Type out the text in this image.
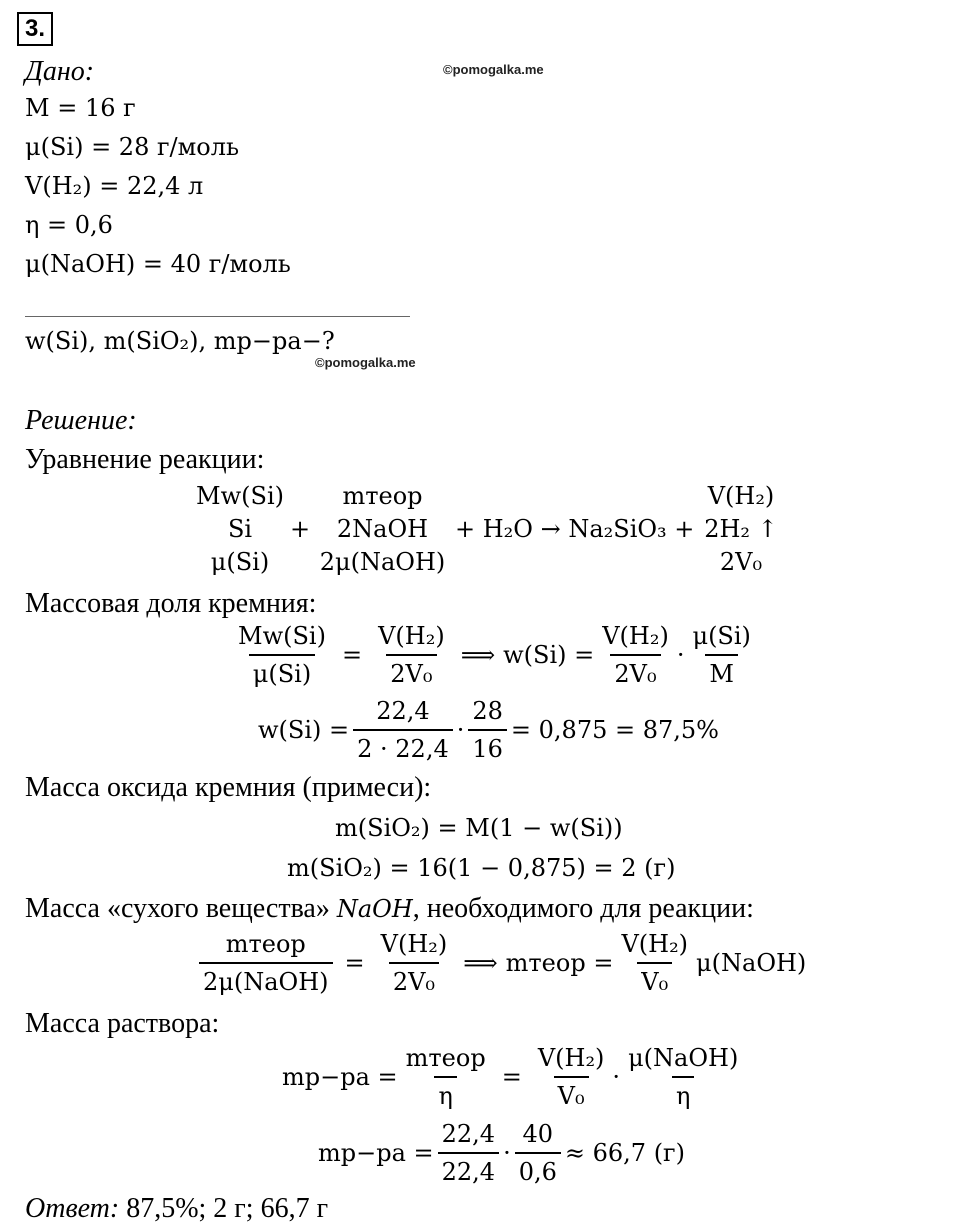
3.
Дано:	©pomogalka.me
M = 16 г
μ(Si) = 28 г/моль
V(H₂) = 22,4 л
η = 0,6
μ(NaOH) = 40 г/моль
w(Si), m(SiO₂), mр−ра−?
©pomogalka.me
Решение:
Уравнение реакции:
Mw(Si)
Si
μ(Si)
+
mтеор
2NaOH
2μ(NaOH)
+ H₂O → Na₂SiO₃ +
V(H₂)
2H₂ ↑
2V₀
Массовая доля кремния:
$\frac{Mw(Si)}{\mu(Si)} = \frac{\text{V(H₂)}}{\text{2V₀}}$ ⟹ $w(Si) = \frac{\text{V(H₂)}}{\text{2V₀}} \cdot \frac{\mu(Si)}{M}$
$w(Si) = \frac{22,4}{2 \cdot 22,4} \cdot \frac{28}{16} = 0,875 = 87,5\%$
Масса оксида кремния (примеси):
m(SiO₂) = M(1 − w(Si))
m(SiO₂) = 16(1 − 0,875) = 2 (г)
Масса «сухого вещества» NaOH, необходимого для реакции:
$\frac{\text{mтеор}}{\text{2μ(NaOH)}} = \frac{\text{V(H₂)}}{\text{2V₀}}$ ⟹ mтеор = $\frac{\text{V(H₂)}}{\text{V₀}}$ μ(NaOH)
Масса раствора:
$mр-ра = \frac{\text{mтеор}}{\eta} = \frac{\text{V(H₂)}}{\text{V₀}} \cdot \frac{\text{μ(NaOH)}}{\eta}$
$mр-ра = \frac{22,4}{22,4} \cdot \frac{40}{0,6} \approx 66,7$ (г)
Ответ: 87,5%; 2 г; 66,7 г
